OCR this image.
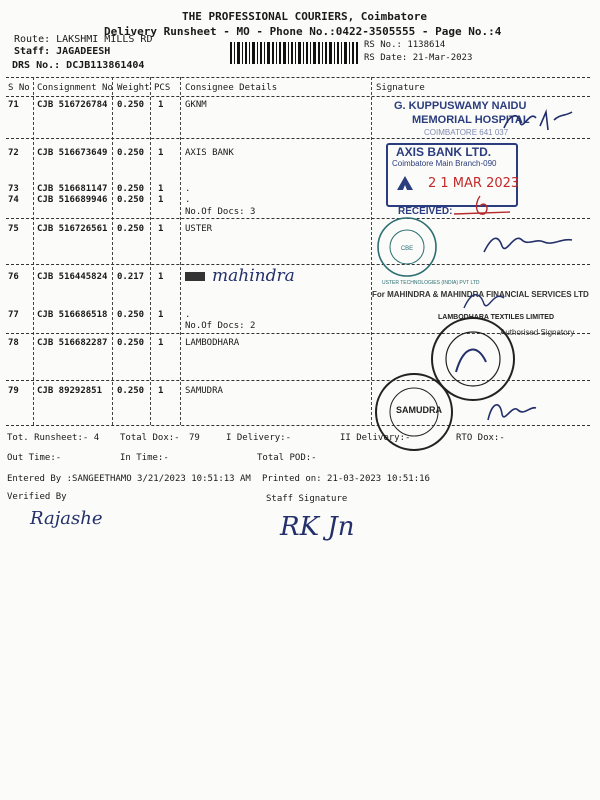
THE PROFESSIONAL COURIERS, Coimbatore
Delivery Runsheet - MO - Phone No.:0422-3505555 - Page No.:4
Route: LAKSHMI MILLS RD
Staff: JAGADEESH
DRS No.: DCJB113861404
RS No.: 1138614
RS Date: 21-Mar-2023
S No Consignment No Weight PCS Consignee Details	Signature
71 CJB 516726784 0.250 1 GKNM
72 CJB 516673649 0.250 1 AXIS BANK
73 CJB 516681147 0.250 1 .
74 CJB 516689946 0.250 1 .
No.Of Docs: 3
75 CJB 516726561 0.250 1 USTER
76 CJB 516445824 0.217 1	mahindra
77 CJB 516686518 0.250 1 .
No.Of Docs: 2
78 CJB 516682287 0.250 1 LAMBODHARA
79 CJB 89292851 0.250 1 SAMUDRA
G. KUPPUSWAMY NAIDU
MEMORIAL HOSPITAL
COIMBATORE 641 037
AXIS BANK LTD.
Coimbatore Main Branch-090
2 1 MAR 2023
RECEIVED:
CBE
USTER TECHNOLOGIES (INDIA) PVT LTD
For MAHINDRA & MAHINDRA FINANCIAL SERVICES LTD
Authorised Signatory
LAMBODHARA TEXTILES LIMITED
SAMUDRA
Tot. Runsheet:- 4 Total Dox:- 79	I Delivery:-	II Delivery:-	RTO Dox:-
Out Time:-	In Time:-	Total POD:-
Entered By :SANGEETHAMO 3/21/2023 10:51:13 AM Printed on: 21-03-2023 10:51:16
Verified By
Rajashe
Staff Signature
RK Jn
